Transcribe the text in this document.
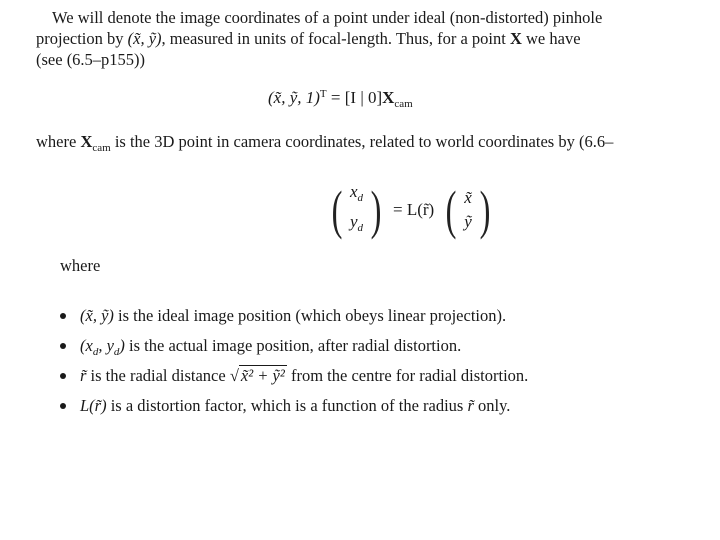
We will denote the image coordinates of a point under ideal (non-distorted) pinhole
projection by (x̃, ỹ), measured in units of focal-length. Thus, for a point X we have
(see (6.5–p155))
(x̃, ỹ, 1)$^T$ = [I | $0]X_{cam}$
where $X_{cam}$ is the 3D point in camera coordinates, related to world coordinates by (6.6–
( $x_d$
$y_d$ ) = L(r̃) ( x̃
ỹ )
where
(x̃, ỹ) is the ideal image position (which obeys linear projection).
($x_d$, $y_d$) is the actual image position, after radial distortion.
r̃ is the radial distance √ x̃² + ỹ² from the centre for radial distortion.
L(r̃) is a distortion factor, which is a function of the radius r̃ only.
